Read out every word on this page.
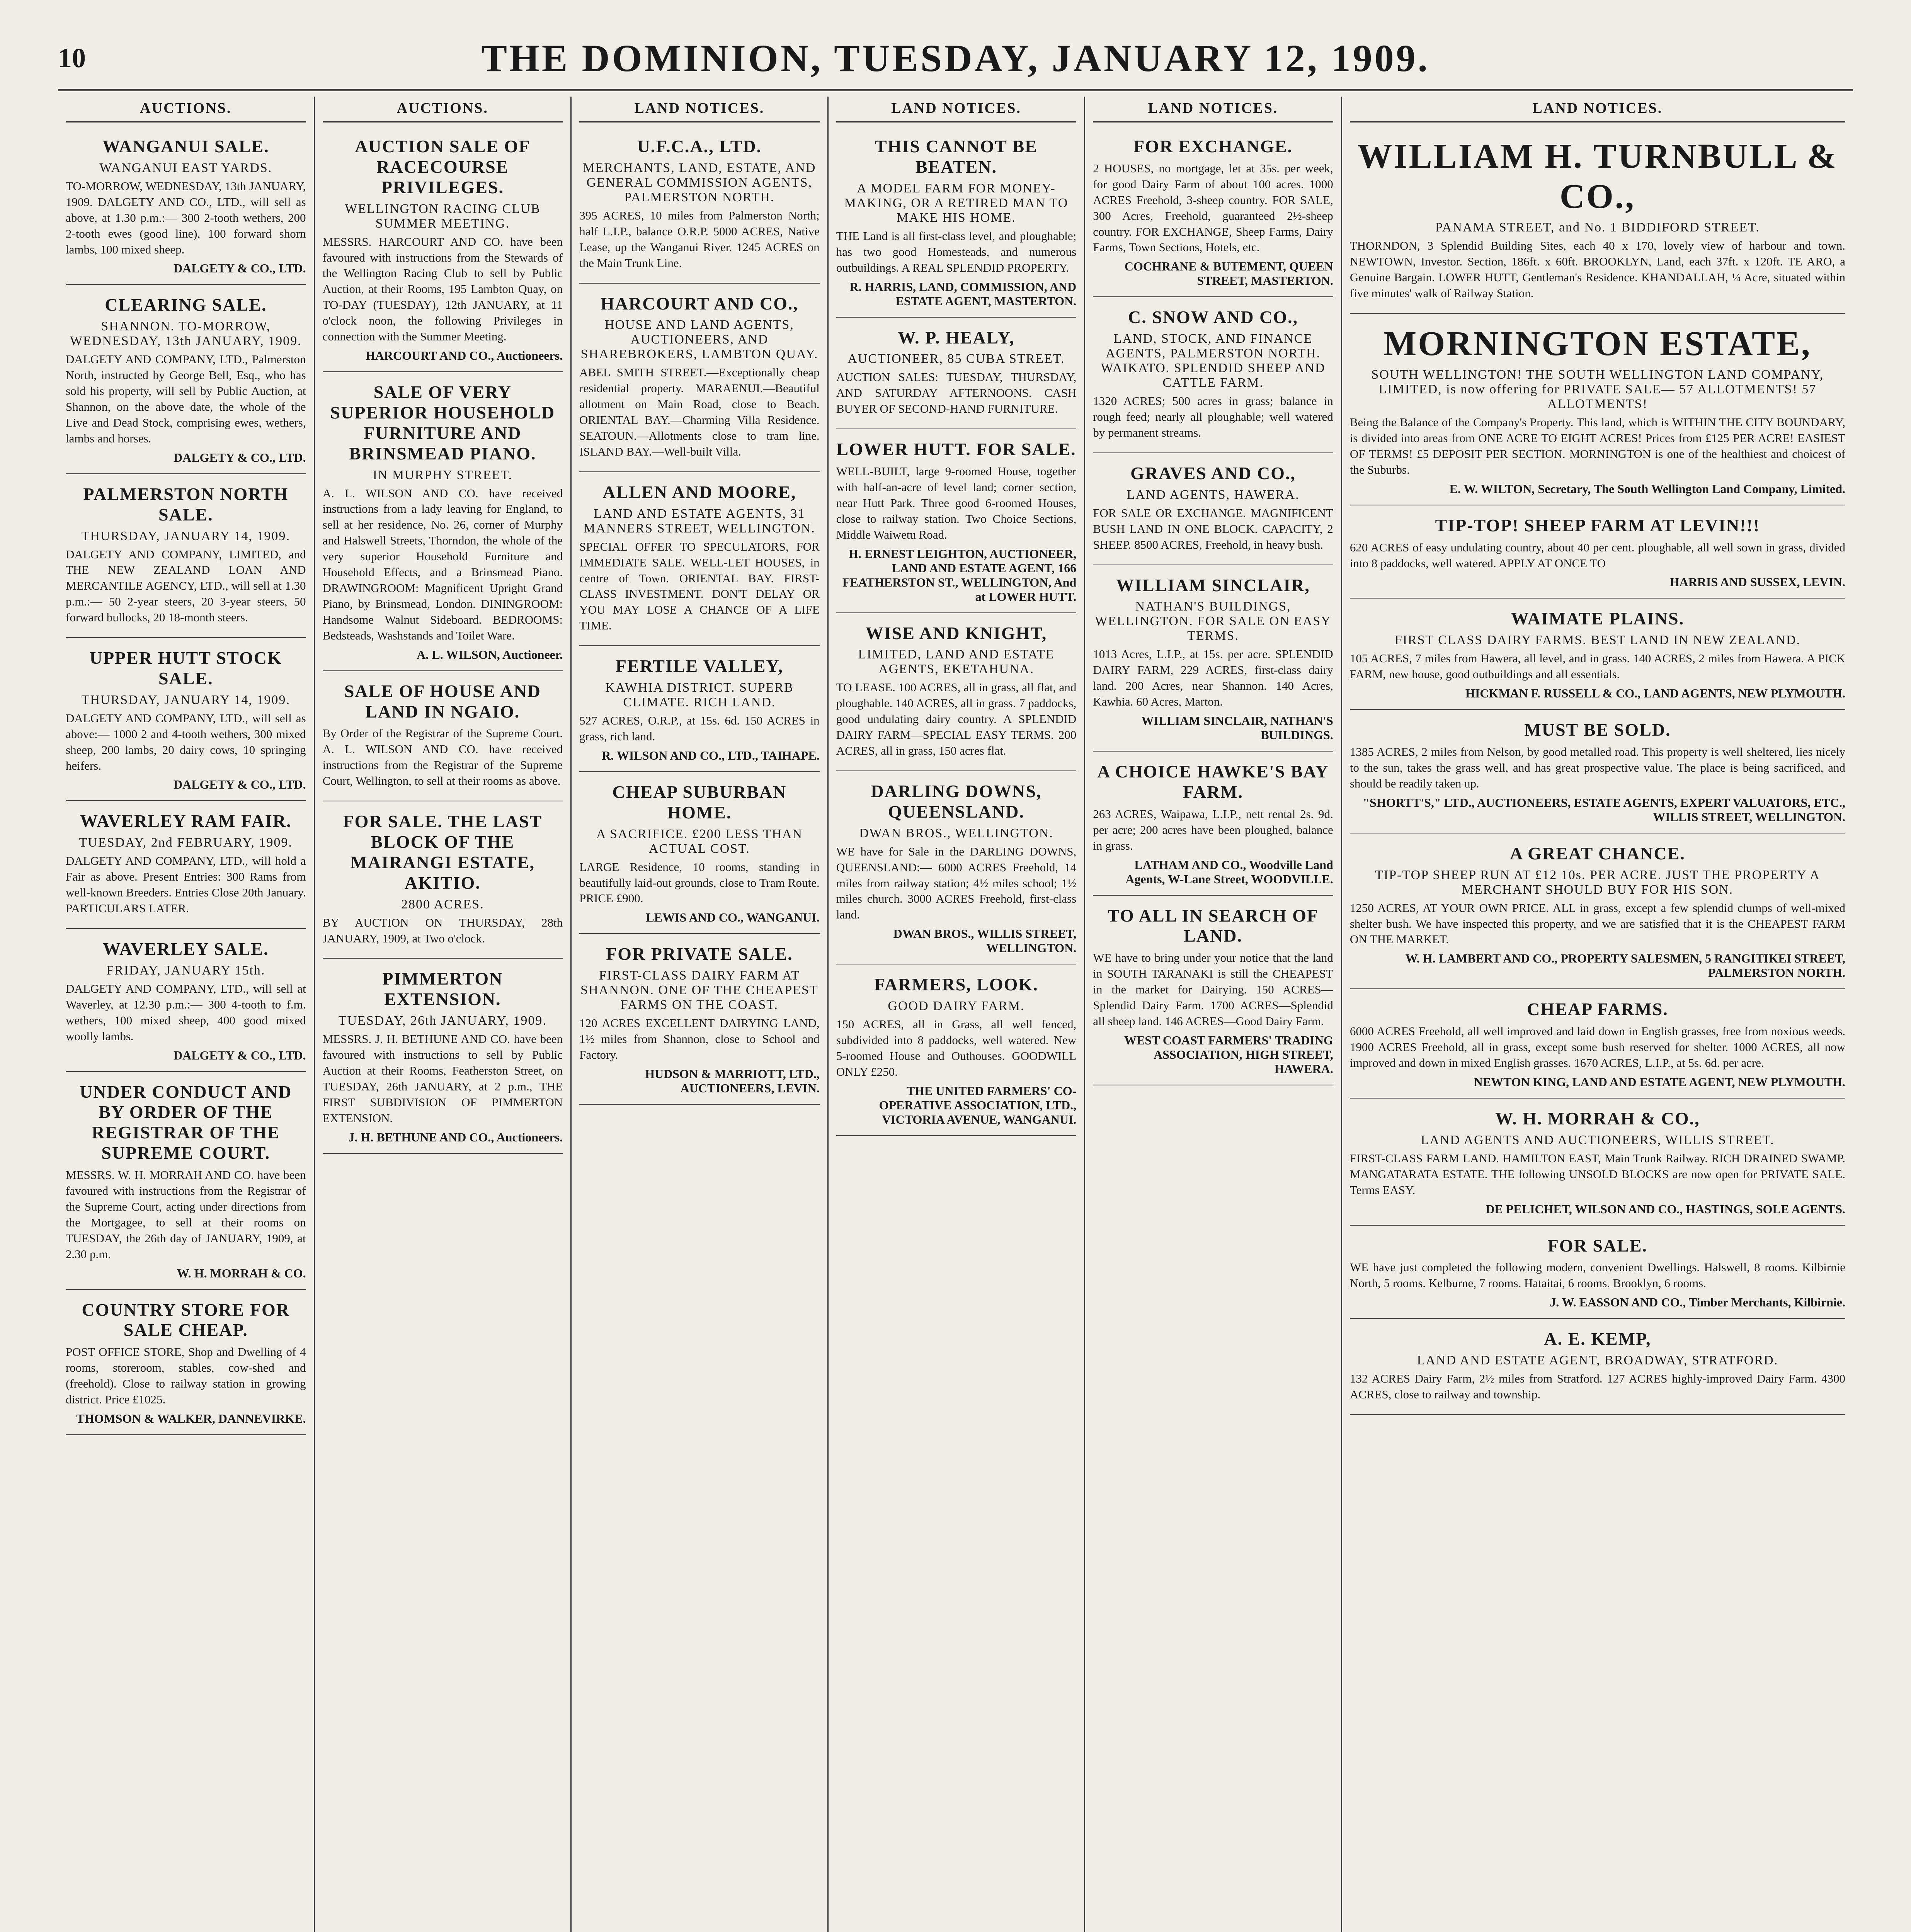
10	THE DOMINION, TUESDAY, JANUARY 12, 1909.
AUCTIONS.
WANGANUI SALE.
WANGANUI EAST YARDS.

TO-MORROW, WEDNESDAY, 13th JANUARY, 1909. DALGETY AND CO., LTD., will sell as above, at 1.30 p.m.:— 300 2-tooth wethers, 200 2-tooth ewes (good line), 100 forward shorn lambs, 100 mixed sheep.

DALGETY & CO., LTD.
CLEARING SALE.
SHANNON. TO-MORROW, WEDNESDAY, 13th JANUARY, 1909.

DALGETY AND COMPANY, LTD., Palmerston North, instructed by George Bell, Esq., who has sold his property, will sell by Public Auction, at Shannon, on the above date, the whole of the Live and Dead Stock, comprising ewes, wethers, lambs and horses.

DALGETY & CO., LTD.
PALMERSTON NORTH SALE.
THURSDAY, JANUARY 14, 1909.

DALGETY AND COMPANY, LIMITED, and THE NEW ZEALAND LOAN AND MERCANTILE AGENCY, LTD., will sell at 1.30 p.m.:— 50 2-year steers, 20 3-year steers, 50 forward bullocks, 20 18-month steers.

UPPER HUTT STOCK SALE.
THURSDAY, JANUARY 14, 1909.

DALGETY AND COMPANY, LTD., will sell as above:— 1000 2 and 4-tooth wethers, 300 mixed sheep, 200 lambs, 20 dairy cows, 10 springing heifers.

DALGETY & CO., LTD.
WAVERLEY RAM FAIR.
TUESDAY, 2nd FEBRUARY, 1909.

DALGETY AND COMPANY, LTD., will hold a Fair as above. Present Entries: 300 Rams from well-known Breeders. Entries Close 20th January. PARTICULARS LATER.

WAVERLEY SALE.
FRIDAY, JANUARY 15th.

DALGETY AND COMPANY, LTD., will sell at Waverley, at 12.30 p.m.:— 300 4-tooth to f.m. wethers, 100 mixed sheep, 400 good mixed woolly lambs.

DALGETY & CO., LTD.
UNDER CONDUCT AND BY ORDER OF THE REGISTRAR OF THE SUPREME COURT.

MESSRS. W. H. MORRAH AND CO. have been favoured with instructions from the Registrar of the Supreme Court, acting under directions from the Mortgagee, to sell at their rooms on TUESDAY, the 26th day of JANUARY, 1909, at 2.30 p.m.

W. H. MORRAH & CO.
COUNTRY STORE FOR SALE CHEAP.

POST OFFICE STORE, Shop and Dwelling of 4 rooms, storeroom, stables, cow-shed and (freehold). Close to railway station in growing district. Price £1025.

THOMSON & WALKER, DANNEVIRKE.
AUCTIONS.
AUCTION SALE OF RACECOURSE PRIVILEGES.
WELLINGTON RACING CLUB SUMMER MEETING.

MESSRS. HARCOURT AND CO. have been favoured with instructions from the Stewards of the Wellington Racing Club to sell by Public Auction, at their Rooms, 195 Lambton Quay, on TO-DAY (TUESDAY), 12th JANUARY, at 11 o'clock noon, the following Privileges in connection with the Summer Meeting.

HARCOURT AND CO., Auctioneers.
SALE OF VERY SUPERIOR HOUSEHOLD FURNITURE AND BRINSMEAD PIANO.
IN MURPHY STREET.

A. L. WILSON AND CO. have received instructions from a lady leaving for England, to sell at her residence, No. 26, corner of Murphy and Halswell Streets, Thorndon, the whole of the very superior Household Furniture and Household Effects, and a Brinsmead Piano. DRAWINGROOM: Magnificent Upright Grand Piano, by Brinsmead, London. DININGROOM: Handsome Walnut Sideboard. BEDROOMS: Bedsteads, Washstands and Toilet Ware.

A. L. WILSON, Auctioneer.
SALE OF HOUSE AND LAND IN NGAIO.

By Order of the Registrar of the Supreme Court. A. L. WILSON AND CO. have received instructions from the Registrar of the Supreme Court, Wellington, to sell at their rooms as above.

FOR SALE. THE LAST BLOCK OF THE MAIRANGI ESTATE, AKITIO.
2800 ACRES.

BY AUCTION ON THURSDAY, 28th JANUARY, 1909, at Two o'clock.

PIMMERTON EXTENSION.
TUESDAY, 26th JANUARY, 1909.

MESSRS. J. H. BETHUNE AND CO. have been favoured with instructions to sell by Public Auction at their Rooms, Featherston Street, on TUESDAY, 26th JANUARY, at 2 p.m., THE FIRST SUBDIVISION OF PIMMERTON EXTENSION.

J. H. BETHUNE AND CO., Auctioneers.
LAND NOTICES.
U.F.C.A., LTD.
MERCHANTS, LAND, ESTATE, AND GENERAL COMMISSION AGENTS, PALMERSTON NORTH.

395 ACRES, 10 miles from Palmerston North; half L.I.P., balance O.R.P. 5000 ACRES, Native Lease, up the Wanganui River. 1245 ACRES on the Main Trunk Line.

HARCOURT AND CO.,
HOUSE AND LAND AGENTS, AUCTIONEERS, AND SHAREBROKERS, LAMBTON QUAY.

ABEL SMITH STREET.—Exceptionally cheap residential property. MARAENUI.—Beautiful allotment on Main Road, close to Beach. ORIENTAL BAY.—Charming Villa Residence. SEATOUN.—Allotments close to tram line. ISLAND BAY.—Well-built Villa.

ALLEN AND MOORE,
LAND AND ESTATE AGENTS, 31 MANNERS STREET, WELLINGTON.

SPECIAL OFFER TO SPECULATORS, FOR IMMEDIATE SALE. WELL-LET HOUSES, in centre of Town. ORIENTAL BAY. FIRST-CLASS INVESTMENT. DON'T DELAY OR YOU MAY LOSE A CHANCE OF A LIFE TIME.

FERTILE VALLEY,
KAWHIA DISTRICT. SUPERB CLIMATE. RICH LAND.

527 ACRES, O.R.P., at 15s. 6d. 150 ACRES in grass, rich land.

R. WILSON AND CO., LTD., TAIHAPE.
CHEAP SUBURBAN HOME.
A SACRIFICE. £200 LESS THAN ACTUAL COST.

LARGE Residence, 10 rooms, standing in beautifully laid-out grounds, close to Tram Route. PRICE £900.

LEWIS AND CO., WANGANUI.
FOR PRIVATE SALE.
FIRST-CLASS DAIRY FARM AT SHANNON. ONE OF THE CHEAPEST FARMS ON THE COAST.

120 ACRES EXCELLENT DAIRYING LAND, 1½ miles from Shannon, close to School and Factory.

HUDSON & MARRIOTT, LTD., AUCTIONEERS, LEVIN.
LAND NOTICES.
THIS CANNOT BE BEATEN.
A MODEL FARM FOR MONEY-MAKING, OR A RETIRED MAN TO MAKE HIS HOME.

THE Land is all first-class level, and ploughable; has two good Homesteads, and numerous outbuildings. A REAL SPLENDID PROPERTY.

R. HARRIS, LAND, COMMISSION, AND ESTATE AGENT, MASTERTON.
W. P. HEALY,
AUCTIONEER, 85 CUBA STREET.

AUCTION SALES: TUESDAY, THURSDAY, AND SATURDAY AFTERNOONS. CASH BUYER OF SECOND-HAND FURNITURE.

LOWER HUTT. FOR SALE.

WELL-BUILT, large 9-roomed House, together with half-an-acre of level land; corner section, near Hutt Park. Three good 6-roomed Houses, close to railway station. Two Choice Sections, Middle Waiwetu Road.

H. ERNEST LEIGHTON, AUCTIONEER, LAND AND ESTATE AGENT, 166 FEATHERSTON ST., WELLINGTON, And at LOWER HUTT.
WISE AND KNIGHT,
LIMITED, LAND AND ESTATE AGENTS, EKETAHUNA.

TO LEASE. 100 ACRES, all in grass, all flat, and ploughable. 140 ACRES, all in grass. 7 paddocks, good undulating dairy country. A SPLENDID DAIRY FARM—SPECIAL EASY TERMS. 200 ACRES, all in grass, 150 acres flat.

DARLING DOWNS, QUEENSLAND.
DWAN BROS., WELLINGTON.

WE have for Sale in the DARLING DOWNS, QUEENSLAND:— 6000 ACRES Freehold, 14 miles from railway station; 4½ miles school; 1½ miles church. 3000 ACRES Freehold, first-class land.

DWAN BROS., WILLIS STREET, WELLINGTON.
FARMERS, LOOK.
GOOD DAIRY FARM.

150 ACRES, all in Grass, all well fenced, subdivided into 8 paddocks, well watered. New 5-roomed House and Outhouses. GOODWILL ONLY £250.

THE UNITED FARMERS' CO-OPERATIVE ASSOCIATION, LTD., VICTORIA AVENUE, WANGANUI.
LAND NOTICES.
FOR EXCHANGE.

2 HOUSES, no mortgage, let at 35s. per week, for good Dairy Farm of about 100 acres. 1000 ACRES Freehold, 3-sheep country. FOR SALE, 300 Acres, Freehold, guaranteed 2½-sheep country. FOR EXCHANGE, Sheep Farms, Dairy Farms, Town Sections, Hotels, etc.

COCHRANE & BUTEMENT, QUEEN STREET, MASTERTON.
C. SNOW AND CO.,
LAND, STOCK, AND FINANCE AGENTS, PALMERSTON NORTH. WAIKATO. SPLENDID SHEEP AND CATTLE FARM.

1320 ACRES; 500 acres in grass; balance in rough feed; nearly all ploughable; well watered by permanent streams.

GRAVES AND CO.,
LAND AGENTS, HAWERA.

FOR SALE OR EXCHANGE. MAGNIFICENT BUSH LAND IN ONE BLOCK. CAPACITY, 2 SHEEP. 8500 ACRES, Freehold, in heavy bush.

WILLIAM SINCLAIR,
NATHAN'S BUILDINGS, WELLINGTON. FOR SALE ON EASY TERMS.

1013 Acres, L.I.P., at 15s. per acre. SPLENDID DAIRY FARM, 229 ACRES, first-class dairy land. 200 Acres, near Shannon. 140 Acres, Kawhia. 60 Acres, Marton.

WILLIAM SINCLAIR, NATHAN'S BUILDINGS.
A CHOICE HAWKE'S BAY FARM.

263 ACRES, Waipawa, L.I.P., nett rental 2s. 9d. per acre; 200 acres have been ploughed, balance in grass.

LATHAM AND CO., Woodville Land Agents, W-Lane Street, WOODVILLE.
TO ALL IN SEARCH OF LAND.

WE have to bring under your notice that the land in SOUTH TARANAKI is still the CHEAPEST in the market for Dairying. 150 ACRES—Splendid Dairy Farm. 1700 ACRES—Splendid all sheep land. 146 ACRES—Good Dairy Farm.

WEST COAST FARMERS' TRADING ASSOCIATION, HIGH STREET, HAWERA.
LAND NOTICES.
WILLIAM H. TURNBULL & CO.,
PANAMA STREET, and No. 1 BIDDIFORD STREET.

THORNDON, 3 Splendid Building Sites, each 40 x 170, lovely view of harbour and town. NEWTOWN, Investor. Section, 186ft. x 60ft. BROOKLYN, Land, each 37ft. x 120ft. TE ARO, a Genuine Bargain. LOWER HUTT, Gentleman's Residence. KHANDALLAH, ¼ Acre, situated within five minutes' walk of Railway Station.

MORNINGTON ESTATE,
SOUTH WELLINGTON! THE SOUTH WELLINGTON LAND COMPANY, LIMITED, is now offering for PRIVATE SALE— 57 ALLOTMENTS! 57 ALLOTMENTS!

Being the Balance of the Company's Property. This land, which is WITHIN THE CITY BOUNDARY, is divided into areas from ONE ACRE TO EIGHT ACRES! Prices from £125 PER ACRE! EASIEST OF TERMS! £5 DEPOSIT PER SECTION. MORNINGTON is one of the healthiest and choicest of the Suburbs.

E. W. WILTON, Secretary, The South Wellington Land Company, Limited.
TIP-TOP! SHEEP FARM AT LEVIN!!!

620 ACRES of easy undulating country, about 40 per cent. ploughable, all well sown in grass, divided into 8 paddocks, well watered. APPLY AT ONCE TO

HARRIS AND SUSSEX, LEVIN.
WAIMATE PLAINS.
FIRST CLASS DAIRY FARMS. BEST LAND IN NEW ZEALAND.

105 ACRES, 7 miles from Hawera, all level, and in grass. 140 ACRES, 2 miles from Hawera. A PICK FARM, new house, good outbuildings and all essentials.

HICKMAN F. RUSSELL & CO., LAND AGENTS, NEW PLYMOUTH.
MUST BE SOLD.

1385 ACRES, 2 miles from Nelson, by good metalled road. This property is well sheltered, lies nicely to the sun, takes the grass well, and has great prospective value. The place is being sacrificed, and should be readily taken up.

"SHORTT'S," LTD., AUCTIONEERS, ESTATE AGENTS, EXPERT VALUATORS, ETC., WILLIS STREET, WELLINGTON.
A GREAT CHANCE.
TIP-TOP SHEEP RUN AT £12 10s. PER ACRE. JUST THE PROPERTY A MERCHANT SHOULD BUY FOR HIS SON.

1250 ACRES, AT YOUR OWN PRICE. ALL in grass, except a few splendid clumps of well-mixed shelter bush. We have inspected this property, and we are satisfied that it is the CHEAPEST FARM ON THE MARKET.

W. H. LAMBERT AND CO., PROPERTY SALESMEN, 5 RANGITIKEI STREET, PALMERSTON NORTH.
CHEAP FARMS.

6000 ACRES Freehold, all well improved and laid down in English grasses, free from noxious weeds. 1900 ACRES Freehold, all in grass, except some bush reserved for shelter. 1000 ACRES, all now improved and down in mixed English grasses. 1670 ACRES, L.I.P., at 5s. 6d. per acre.

NEWTON KING, LAND AND ESTATE AGENT, NEW PLYMOUTH.
W. H. MORRAH & CO.,
LAND AGENTS AND AUCTIONEERS, WILLIS STREET.

FIRST-CLASS FARM LAND. HAMILTON EAST, Main Trunk Railway. RICH DRAINED SWAMP. MANGATARATA ESTATE. THE following UNSOLD BLOCKS are now open for PRIVATE SALE. Terms EASY.

DE PELICHET, WILSON AND CO., HASTINGS, SOLE AGENTS.
FOR SALE.

WE have just completed the following modern, convenient Dwellings. Halswell, 8 rooms. Kilbirnie North, 5 rooms. Kelburne, 7 rooms. Hataitai, 6 rooms. Brooklyn, 6 rooms.

J. W. EASSON AND CO., Timber Merchants, Kilbirnie.
A. E. KEMP,
LAND AND ESTATE AGENT, BROADWAY, STRATFORD.

132 ACRES Dairy Farm, 2½ miles from Stratford. 127 ACRES highly-improved Dairy Farm. 4300 ACRES, close to railway and township.
